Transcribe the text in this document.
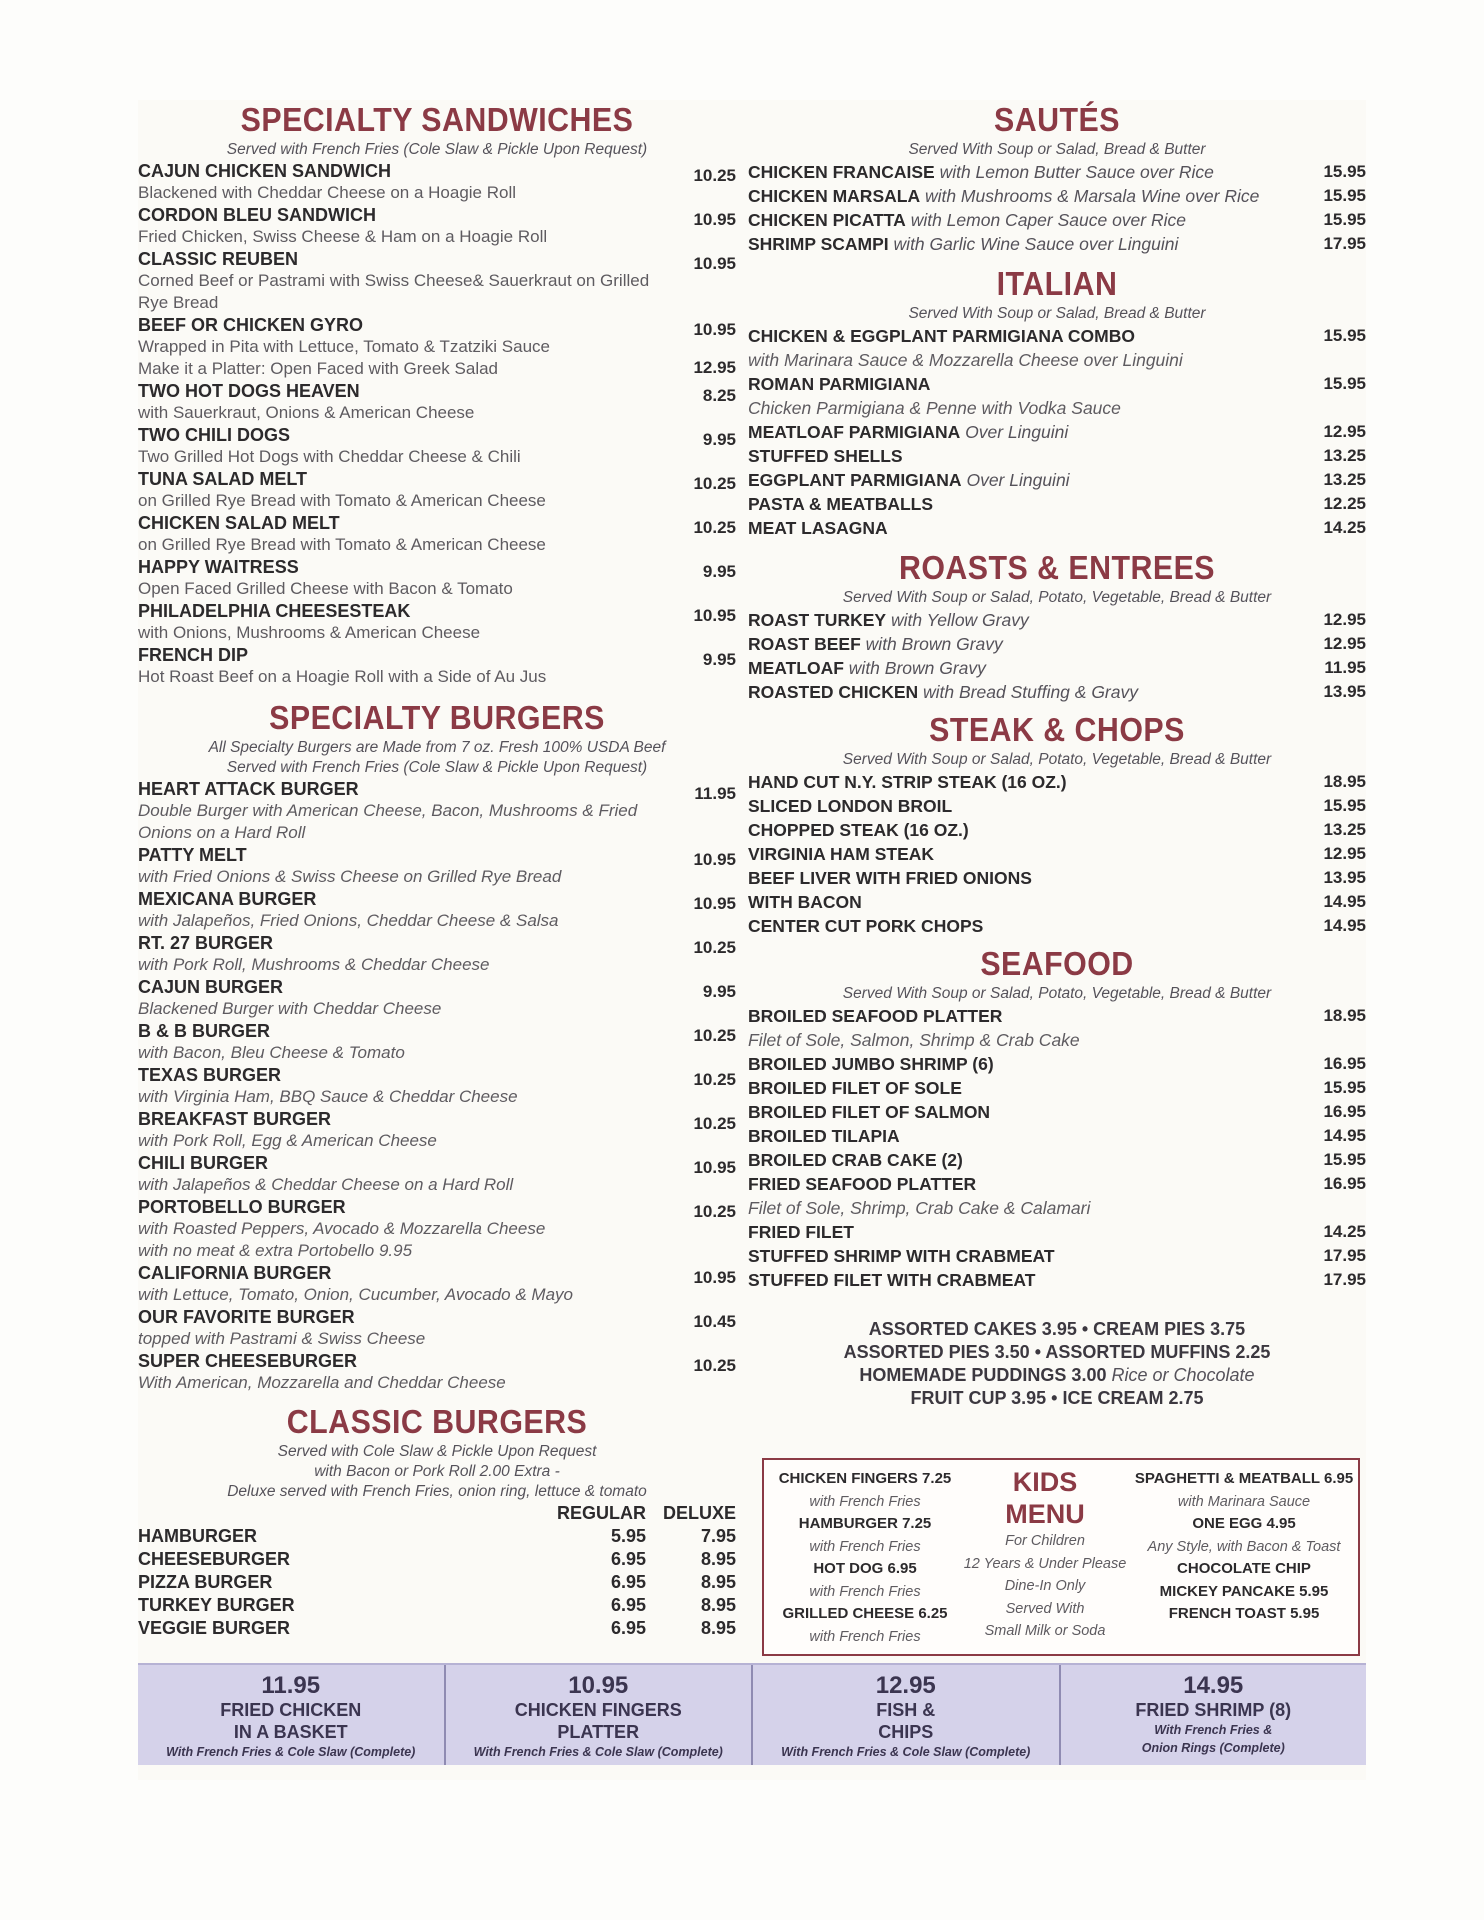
SPECIALTY SANDWICHES
Served with French Fries (Cole Slaw & Pickle Upon Request)
CAJUN CHICKEN SANDWICH
Blackened with Cheddar Cheese on a Hoagie Roll
10.25
CORDON BLEU SANDWICH
Fried Chicken, Swiss Cheese & Ham on a Hoagie Roll
10.95
CLASSIC REUBEN
Corned Beef or Pastrami with Swiss Cheese& Sauerkraut on Grilled Rye Bread
10.95
BEEF OR CHICKEN GYRO
Wrapped in Pita with Lettuce, Tomato & Tzatziki Sauce
10.95
Make it a Platter: Open Faced with Greek Salad	12.95
TWO HOT DOGS HEAVEN
with Sauerkraut, Onions & American Cheese
8.25
TWO CHILI DOGS
Two Grilled Hot Dogs with Cheddar Cheese & Chili
9.95
TUNA SALAD MELT
on Grilled Rye Bread with Tomato & American Cheese
10.25
CHICKEN SALAD MELT
on Grilled Rye Bread with Tomato & American Cheese
10.25
HAPPY WAITRESS
Open Faced Grilled Cheese with Bacon & Tomato
9.95
PHILADELPHIA CHEESESTEAK
with Onions, Mushrooms & American Cheese
10.95
FRENCH DIP
Hot Roast Beef on a Hoagie Roll with a Side of Au Jus
9.95
SPECIALTY BURGERS
All Specialty Burgers are Made from 7 oz. Fresh 100% USDA Beef
Served with French Fries (Cole Slaw & Pickle Upon Request)
HEART ATTACK BURGER
Double Burger with American Cheese, Bacon, Mushrooms & Fried Onions on a Hard Roll
11.95
PATTY MELT
with Fried Onions & Swiss Cheese on Grilled Rye Bread
10.95
MEXICANA BURGER
with Jalapeños, Fried Onions, Cheddar Cheese & Salsa
10.95
RT. 27 BURGER
with Pork Roll, Mushrooms & Cheddar Cheese
10.25
CAJUN BURGER
Blackened Burger with Cheddar Cheese
9.95
B & B BURGER
with Bacon, Bleu Cheese & Tomato
10.25
TEXAS BURGER
with Virginia Ham, BBQ Sauce & Cheddar Cheese
10.25
BREAKFAST BURGER
with Pork Roll, Egg & American Cheese
10.25
CHILI BURGER
with Jalapeños & Cheddar Cheese on a Hard Roll
10.95
PORTOBELLO BURGER
with Roasted Peppers, Avocado & Mozzarella Cheese
with no meat & extra Portobello 9.95
10.25
CALIFORNIA BURGER
with Lettuce, Tomato, Onion, Cucumber, Avocado & Mayo
10.95
OUR FAVORITE BURGER
topped with Pastrami & Swiss Cheese
10.45
SUPER CHEESEBURGER
With American, Mozzarella and Cheddar Cheese
10.25
CLASSIC BURGERS
Served with Cole Slaw & Pickle Upon Request
with Bacon or Pork Roll 2.00 Extra -
Deluxe served with French Fries, onion ring, lettuce & tomato
REGULAR DELUXE
HAMBURGER	5.95	7.95
CHEESEBURGER	6.95	8.95
PIZZA BURGER	6.95	8.95
TURKEY BURGER	6.95	8.95
VEGGIE BURGER	6.95	8.95
SAUTÉS
Served With Soup or Salad, Bread & Butter
CHICKEN FRANCAISE with Lemon Butter Sauce over Rice	15.95
CHICKEN MARSALA with Mushrooms & Marsala Wine over Rice	15.95
CHICKEN PICATTA with Lemon Caper Sauce over Rice	15.95
SHRIMP SCAMPI with Garlic Wine Sauce over Linguini	17.95
ITALIAN
Served With Soup or Salad, Bread & Butter
CHICKEN & EGGPLANT PARMIGIANA COMBO
with Marinara Sauce & Mozzarella Cheese over Linguini
15.95
ROMAN PARMIGIANA
Chicken Parmigiana & Penne with Vodka Sauce
15.95
MEATLOAF PARMIGIANA Over Linguini	12.95
STUFFED SHELLS	13.25
EGGPLANT PARMIGIANA Over Linguini	13.25
PASTA & MEATBALLS	12.25
MEAT LASAGNA	14.25
ROASTS & ENTREES
Served With Soup or Salad, Potato, Vegetable, Bread & Butter
ROAST TURKEY with Yellow Gravy	12.95
ROAST BEEF with Brown Gravy	12.95
MEATLOAF with Brown Gravy	11.95
ROASTED CHICKEN with Bread Stuffing & Gravy	13.95
STEAK & CHOPS
Served With Soup or Salad, Potato, Vegetable, Bread & Butter
HAND CUT N.Y. STRIP STEAK (16 OZ.)	18.95
SLICED LONDON BROIL	15.95
CHOPPED STEAK (16 OZ.)	13.25
VIRGINIA HAM STEAK	12.95
BEEF LIVER WITH FRIED ONIONS	13.95
WITH BACON	14.95
CENTER CUT PORK CHOPS	14.95
SEAFOOD
Served With Soup or Salad, Potato, Vegetable, Bread & Butter
BROILED SEAFOOD PLATTER
Filet of Sole, Salmon, Shrimp & Crab Cake
18.95
BROILED JUMBO SHRIMP (6)	16.95
BROILED FILET OF SOLE	15.95
BROILED FILET OF SALMON	16.95
BROILED TILAPIA	14.95
BROILED CRAB CAKE (2)	15.95
FRIED SEAFOOD PLATTER
Filet of Sole, Shrimp, Crab Cake & Calamari
16.95
FRIED FILET	14.25
STUFFED SHRIMP WITH CRABMEAT	17.95
STUFFED FILET WITH CRABMEAT	17.95
ASSORTED CAKES 3.95 • CREAM PIES 3.75
ASSORTED PIES 3.50 • ASSORTED MUFFINS 2.25
HOMEMADE PUDDINGS 3.00 Rice or Chocolate
FRUIT CUP 3.95 • ICE CREAM 2.75
CHICKEN FINGERS 7.25
with French Fries
HAMBURGER 7.25
with French Fries
HOT DOG 6.95
with French Fries
GRILLED CHEESE 6.25
with French Fries
KIDS
MENU
For Children
12 Years & Under Please
Dine-In Only
Served With
Small Milk or Soda
SPAGHETTI & MEATBALL 6.95
with Marinara Sauce
ONE EGG 4.95
Any Style, with Bacon & Toast
CHOCOLATE CHIP
MICKEY PANCAKE 5.95
FRENCH TOAST 5.95
11.95
FRIED CHICKEN
IN A BASKET
With French Fries & Cole Slaw (Complete)
10.95
CHICKEN FINGERS
PLATTER
With French Fries & Cole Slaw (Complete)
12.95
FISH &
CHIPS
With French Fries & Cole Slaw (Complete)
14.95
FRIED SHRIMP (8)
With French Fries &
Onion Rings (Complete)
